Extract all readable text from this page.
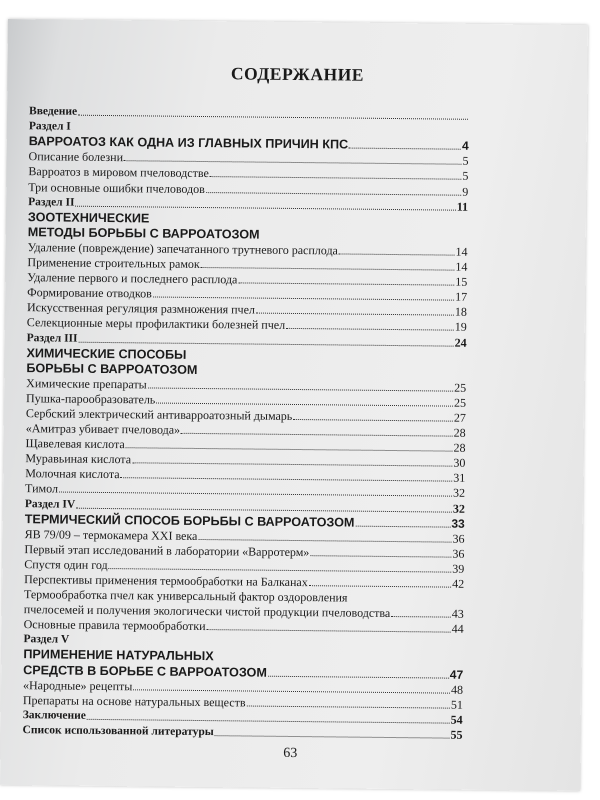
СОДЕРЖАНИЕ
Введение
Раздел I
ВАРРОАТОЗ КАК ОДНА ИЗ ГЛАВНЫХ ПРИЧИН КПС	4
Описание болезни	5
Варроатоз в мировом пчеловодстве	5
Три основные ошибки пчеловодов	9
Раздел II	11
ЗООТЕХНИЧЕСКИЕ
МЕТОДЫ БОРЬБЫ С ВАРРОАТОЗОМ
Удаление (повреждение) запечатанного трутневого расплода	14
Применение строительных рамок	14
Удаление первого и последнего расплода	15
Формирование отводков	17
Искусственная регуляция размножения пчел	18
Селекционные меры профилактики болезней пчел	19
Раздел III	24
ХИМИЧЕСКИЕ СПОСОБЫ
БОРЬБЫ С ВАРРОАТОЗОМ
Химические препараты	25
Пушка-парообразователь	25
Сербский электрический антиварроатозный дымарь	27
«Амитраз убивает пчеловода»	28
Щавелевая кислота	28
Муравьиная кислота	30
Молочная кислота	31
Тимол	32
Раздел IV	32
ТЕРМИЧЕСКИЙ СПОСОБ БОРЬБЫ С ВАРРОАТОЗОМ	33
ЯВ 79/09 – термокамера XXI века	36
Первый этап исследований в лаборатории «Варротерм»	36
Спустя один год	39
Перспективы применения термообработки на Балканах	42
Термообработка пчел как универсальный фактор оздоровления
пчелосемей и получения экологически чистой продукции пчеловодства	43
Основные правила термообработки	44
Раздел V
ПРИМЕНЕНИЕ НАТУРАЛЬНЫХ
СРЕДСТВ В БОРЬБЕ С ВАРРОАТОЗОМ	47
«Народные» рецепты	48
Препараты на основе натуральных веществ	51
Заключение	54
Список использованной литературы	55
63
